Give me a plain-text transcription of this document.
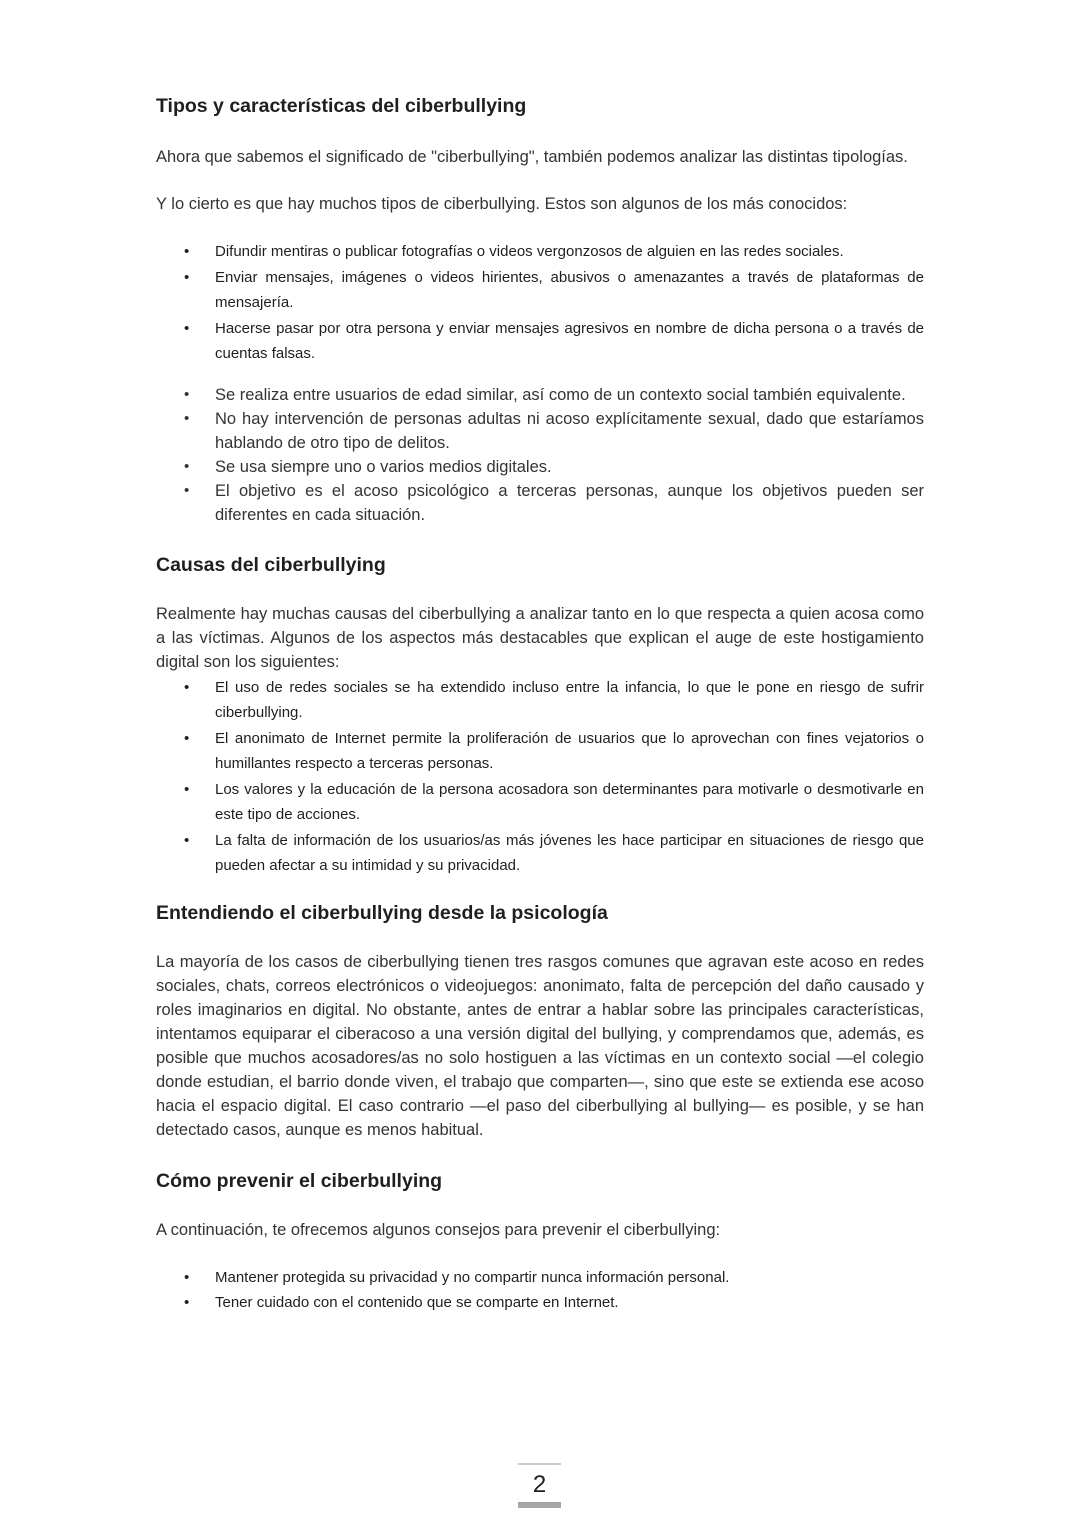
Tipos y características del ciberbullying

Ahora que sabemos el significado de "ciberbullying", también podemos analizar las distintas tipologías.

Y lo cierto es que hay muchos tipos de ciberbullying. Estos son algunos de los más conocidos:

• Difundir mentiras o publicar fotografías o videos vergonzosos de alguien en las redes sociales.
• Enviar mensajes, imágenes o videos hirientes, abusivos o amenazantes a través de plataformas de mensajería.
• Hacerse pasar por otra persona y enviar mensajes agresivos en nombre de dicha persona o a través de cuentas falsas.
• Se realiza entre usuarios de edad similar, así como de un contexto social también equivalente.
• No hay intervención de personas adultas ni acoso explícitamente sexual, dado que estaríamos hablando de otro tipo de delitos.
• Se usa siempre uno o varios medios digitales.
• El objetivo es el acoso psicológico a terceras personas, aunque los objetivos pueden ser diferentes en cada situación.
Causas del ciberbullying

Realmente hay muchas causas del ciberbullying a analizar tanto en lo que respecta a quien acosa como a las víctimas. Algunos de los aspectos más destacables que explican el auge de este hostigamiento digital son los siguientes:

• El uso de redes sociales se ha extendido incluso entre la infancia, lo que le pone en riesgo de sufrir ciberbullying.
• El anonimato de Internet permite la proliferación de usuarios que lo aprovechan con fines vejatorios o humillantes respecto a terceras personas.
• Los valores y la educación de la persona acosadora son determinantes para motivarle o desmotivarle en este tipo de acciones.
• La falta de información de los usuarios/as más jóvenes les hace participar en situaciones de riesgo que pueden afectar a su intimidad y su privacidad.
Entendiendo el ciberbullying desde la psicología

La mayoría de los casos de ciberbullying tienen tres rasgos comunes que agravan este acoso en redes sociales, chats, correos electrónicos o videojuegos: anonimato, falta de percepción del daño causado y roles imaginarios en digital. No obstante, antes de entrar a hablar sobre las principales características, intentamos equiparar el ciberacoso a una versión digital del bullying, y comprendamos que, además, es posible que muchos acosadores/as no solo hostiguen a las víctimas en un contexto social —el colegio donde estudian, el barrio donde viven, el trabajo que comparten—, sino que este se extienda ese acoso hacia el espacio digital. El caso contrario —el paso del ciberbullying al bullying— es posible, y se han detectado casos, aunque es menos habitual.

Cómo prevenir el ciberbullying

A continuación, te ofrecemos algunos consejos para prevenir el ciberbullying:

• Mantener protegida su privacidad y no compartir nunca información personal.
• Tener cuidado con el contenido que se comparte en Internet.
2
